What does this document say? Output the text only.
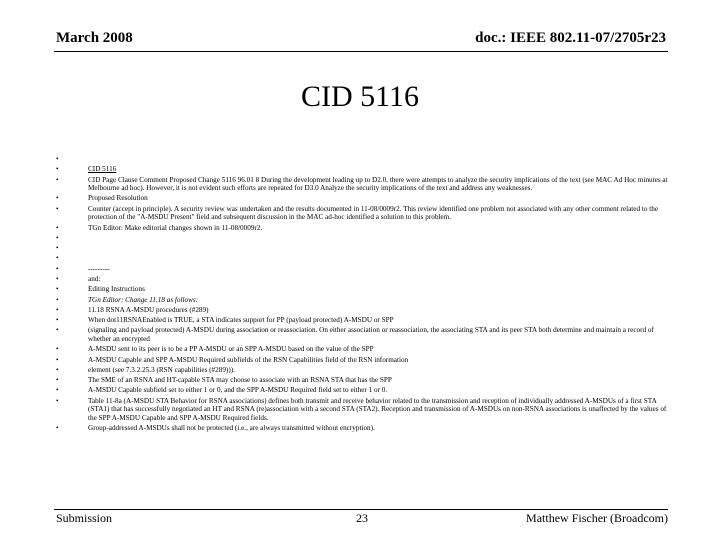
March 2008	doc.: IEEE 802.11-07/2705r23
CID 5116
•
• CID 5116
• CID Page Clause Comment Proposed Change 5116 96.01 8 During the development leading up to D2.0, there were attempts to analyze the security implications of the text (see MAC Ad Hoc minutes at Melbourne ad hoc). However, it is not evident such efforts are repeated for D3.0 Analyze the security implications of the text and address any weaknesses.
• Proposed Resolution
• Counter (accept in principle). A security review was undertaken and the results documented in 11-08/0009r2. This review identified one problem not associated with any other comment related to the protection of the "A-MSDU Present" field and subsequent discussion in the MAC ad-hoc identified a solution to this problem.
• TGn Editor: Make editorial changes shown in 11-08/0009r2.
•
•
•
• ---------
• and:
• Editing Instructions
• TGn Editor: Change 11.18 as follows:
• 11.18 RSNA A-MSDU procedures (#289)
• When dot11RSNAEnabled is TRUE, a STA indicates support for PP (payload protected) A-MSDU or SPP
• (signaling and payload protected) A-MSDU during association or reassociation. On either association or reassociation, the associating STA and its peer STA both determine and maintain a record of whether an encrypted
• A-MSDU sent to its peer is to be a PP A-MSDU or an SPP A-MSDU based on the value of the SPP
• A-MSDU Capable and SPP A-MSDU Required subfields of the RSN Capabilities field of the RSN information
• element (see 7.3.2.25.3 (RSN capabilities (#289))).
• The SME of an RSNA and HT-capable STA may choose to associate with an RSNA STA that has the SPP
• A-MSDU Capable subfield set to either 1 or 0, and the SPP A-MSDU Required field set to either 1 or 0.
• Table 11-8a (A-MSDU STA Behavior for RSNA associations) defines both transmit and receive behavior related to the transmission and reception of individually addressed A-MSDUs of a first STA (STA1) that has successfully negotiated an HT and RSNA (re)association with a second STA (STA2). Reception and transmission of A-MSDUs on non-RSNA associations is unaffected by the values of the SPP A-MSDU Capable and SPP A-MSDU Required fields.
• Group-addressed A-MSDUs shall not be protected (i.e., are always transmitted without encryption).
Submission	23	Matthew Fischer (Broadcom)
